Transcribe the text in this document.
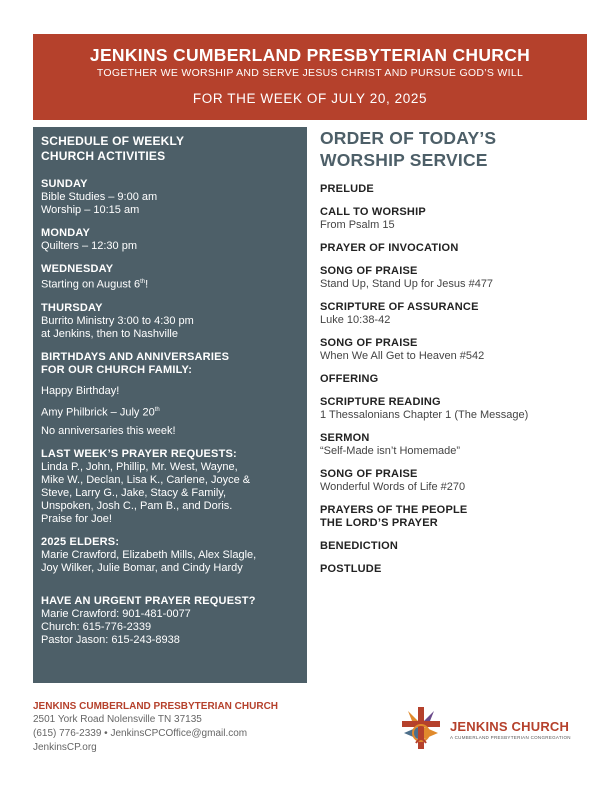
JENKINS CUMBERLAND PRESBYTERIAN CHURCH
TOGETHER WE WORSHIP AND SERVE JESUS CHRIST AND PURSUE GOD’S WILL
FOR THE WEEK OF JULY 20, 2025
SCHEDULE OF WEEKLY
CHURCH ACTIVITIES
SUNDAY
Bible Studies – 9:00 am
Worship – 10:15 am
MONDAY
Quilters – 12:30 pm
WEDNESDAY
Starting on August 6th!
THURSDAY
Burrito Ministry 3:00 to 4:30 pm
at Jenkins, then to Nashville
BIRTHDAYS AND ANNIVERSARIES
FOR OUR CHURCH FAMILY:
Happy Birthday!
Amy Philbrick – July 20th
No anniversaries this week!
LAST WEEK’S PRAYER REQUESTS:
Linda P., John, Phillip, Mr. West, Wayne,
Mike W., Declan, Lisa K., Carlene, Joyce &
Steve, Larry G., Jake, Stacy & Family,
Unspoken, Josh C., Pam B., and Doris.
Praise for Joe!
2025 ELDERS:
Marie Crawford, Elizabeth Mills, Alex Slagle,
Joy Wilker, Julie Bomar, and Cindy Hardy
HAVE AN URGENT PRAYER REQUEST?
Marie Crawford: 901-481-0077
Church: 615-776-2339
Pastor Jason: 615-243-8938
ORDER OF TODAY’S
WORSHIP SERVICE
PRELUDE
CALL TO WORSHIP
From Psalm 15
PRAYER OF INVOCATION
SONG OF PRAISE
Stand Up, Stand Up for Jesus #477
SCRIPTURE OF ASSURANCE
Luke 10:38-42
SONG OF PRAISE
When We All Get to Heaven #542
OFFERING
SCRIPTURE READING
1 Thessalonians Chapter 1 (The Message)
SERMON
“Self-Made isn’t Homemade”
SONG OF PRAISE
Wonderful Words of Life #270
PRAYERS OF THE PEOPLE
THE LORD’S PRAYER
BENEDICTION
POSTLUDE
JENKINS CUMBERLAND PRESBYTERIAN CHURCH
2501 York Road Nolensville TN 37135
(615) 776-2339 • JenkinsCPCOffice@gmail.com
JenkinsCP.org
JENKINS CHURCH
A CUMBERLAND PRESBYTERIAN CONGREGATION
